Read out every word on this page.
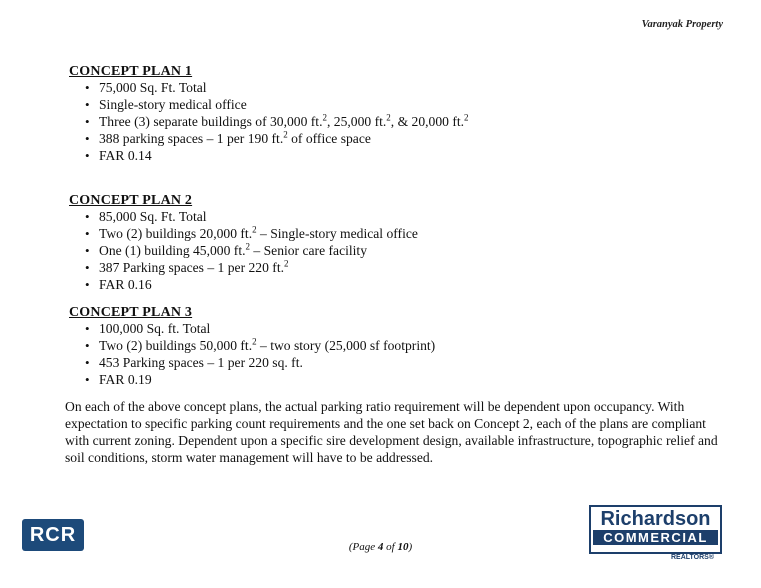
Varanyak Property
CONCEPT PLAN 1
• 75,000 Sq. Ft. Total
• Single-story medical office
• Three (3) separate buildings of 30,000 ft.$^2$, 25,000 ft.$^2$, & 20,000 ft.$^2$
• 388 parking spaces – 1 per 190 ft.$^2$ of office space
• FAR 0.14
CONCEPT PLAN 2
• 85,000 Sq. Ft. Total
• Two (2) buildings 20,000 ft.$^2$ – Single-story medical office
• One (1) building 45,000 ft.$^2$ – Senior care facility
• 387 Parking spaces – 1 per 220 ft.$^2$
• FAR 0.16
CONCEPT PLAN 3
• 100,000 Sq. ft. Total
• Two (2) buildings 50,000 ft.$^2$ – two story (25,000 sf footprint)
• 453 Parking spaces – 1 per 220 sq. ft.
• FAR 0.19

On each of the above concept plans, the actual parking ratio requirement will be dependent upon occupancy. With expectation to specific parking count requirements and the one set back on Concept 2, each of the plans are compliant with current zoning. Dependent upon a specific sire development design, available infrastructure, topographic relief and soil conditions, storm water management will have to be addressed.

RCR
(Page 4 of 10)
Richardson
COMMERCIAL
REALTORS®
